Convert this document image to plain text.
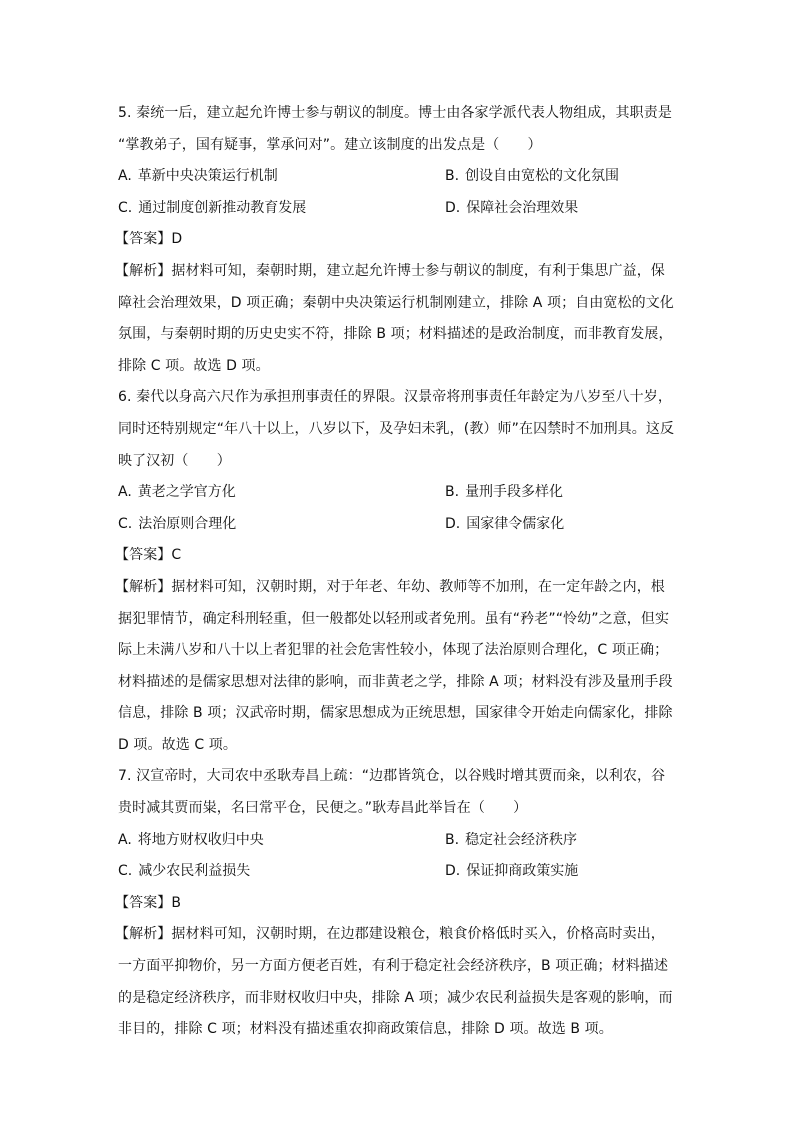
5. 秦统一后，建立起允许博士参与朝议的制度。博士由各家学派代表人物组成，其职责是
“掌教弟子，国有疑事，掌承问对”。建立该制度的出发点是（　　）
A. 革新中央决策运行机制	B. 创设自由宽松的文化氛围
C. 通过制度创新推动教育发展	D. 保障社会治理效果
【答案】D
【解析】据材料可知，秦朝时期，建立起允许博士参与朝议的制度，有利于集思广益，保
障社会治理效果，D 项正确；秦朝中央决策运行机制刚建立，排除 A 项；自由宽松的文化
氛围，与秦朝时期的历史史实不符，排除 B 项；材料描述的是政治制度，而非教育发展，
排除 C 项。故选 D 项。
6. 秦代以身高六尺作为承担刑事责任的界限。汉景帝将刑事责任年龄定为八岁至八十岁，
同时还特别规定“年八十以上，八岁以下，及孕妇未乳，(教）师”在囚禁时不加刑具。这反
映了汉初（　　）
A. 黄老之学官方化	B. 量刑手段多样化
C. 法治原则合理化	D. 国家律令儒家化
【答案】C
【解析】据材料可知，汉朝时期，对于年老、年幼、教师等不加刑，在一定年龄之内，根
据犯罪情节，确定科刑轻重，但一般都处以轻刑或者免刑。虽有“矜老”“怜幼”之意，但实
际上未满八岁和八十以上者犯罪的社会危害性较小，体现了法治原则合理化，C 项正确；
材料描述的是儒家思想对法律的影响，而非黄老之学，排除 A 项；材料没有涉及量刑手段
信息，排除 B 项；汉武帝时期，儒家思想成为正统思想，国家律令开始走向儒家化，排除
D 项。故选 C 项。
7. 汉宣帝时，大司农中丞耿寿昌上疏：“边郡皆筑仓，以谷贱时增其贾而籴，以利农，谷
贵时减其贾而粜，名曰常平仓，民便之。”耿寿昌此举旨在（　　）
A. 将地方财权收归中央	B. 稳定社会经济秩序
C. 减少农民利益损失	D. 保证抑商政策实施
【答案】B
【解析】据材料可知，汉朝时期，在边郡建设粮仓，粮食价格低时买入，价格高时卖出，
一方面平抑物价，另一方面方便老百姓，有利于稳定社会经济秩序，B 项正确；材料描述
的是稳定经济秩序，而非财权收归中央，排除 A 项；减少农民利益损失是客观的影响，而
非目的，排除 C 项；材料没有描述重农抑商政策信息，排除 D 项。故选 B 项。
